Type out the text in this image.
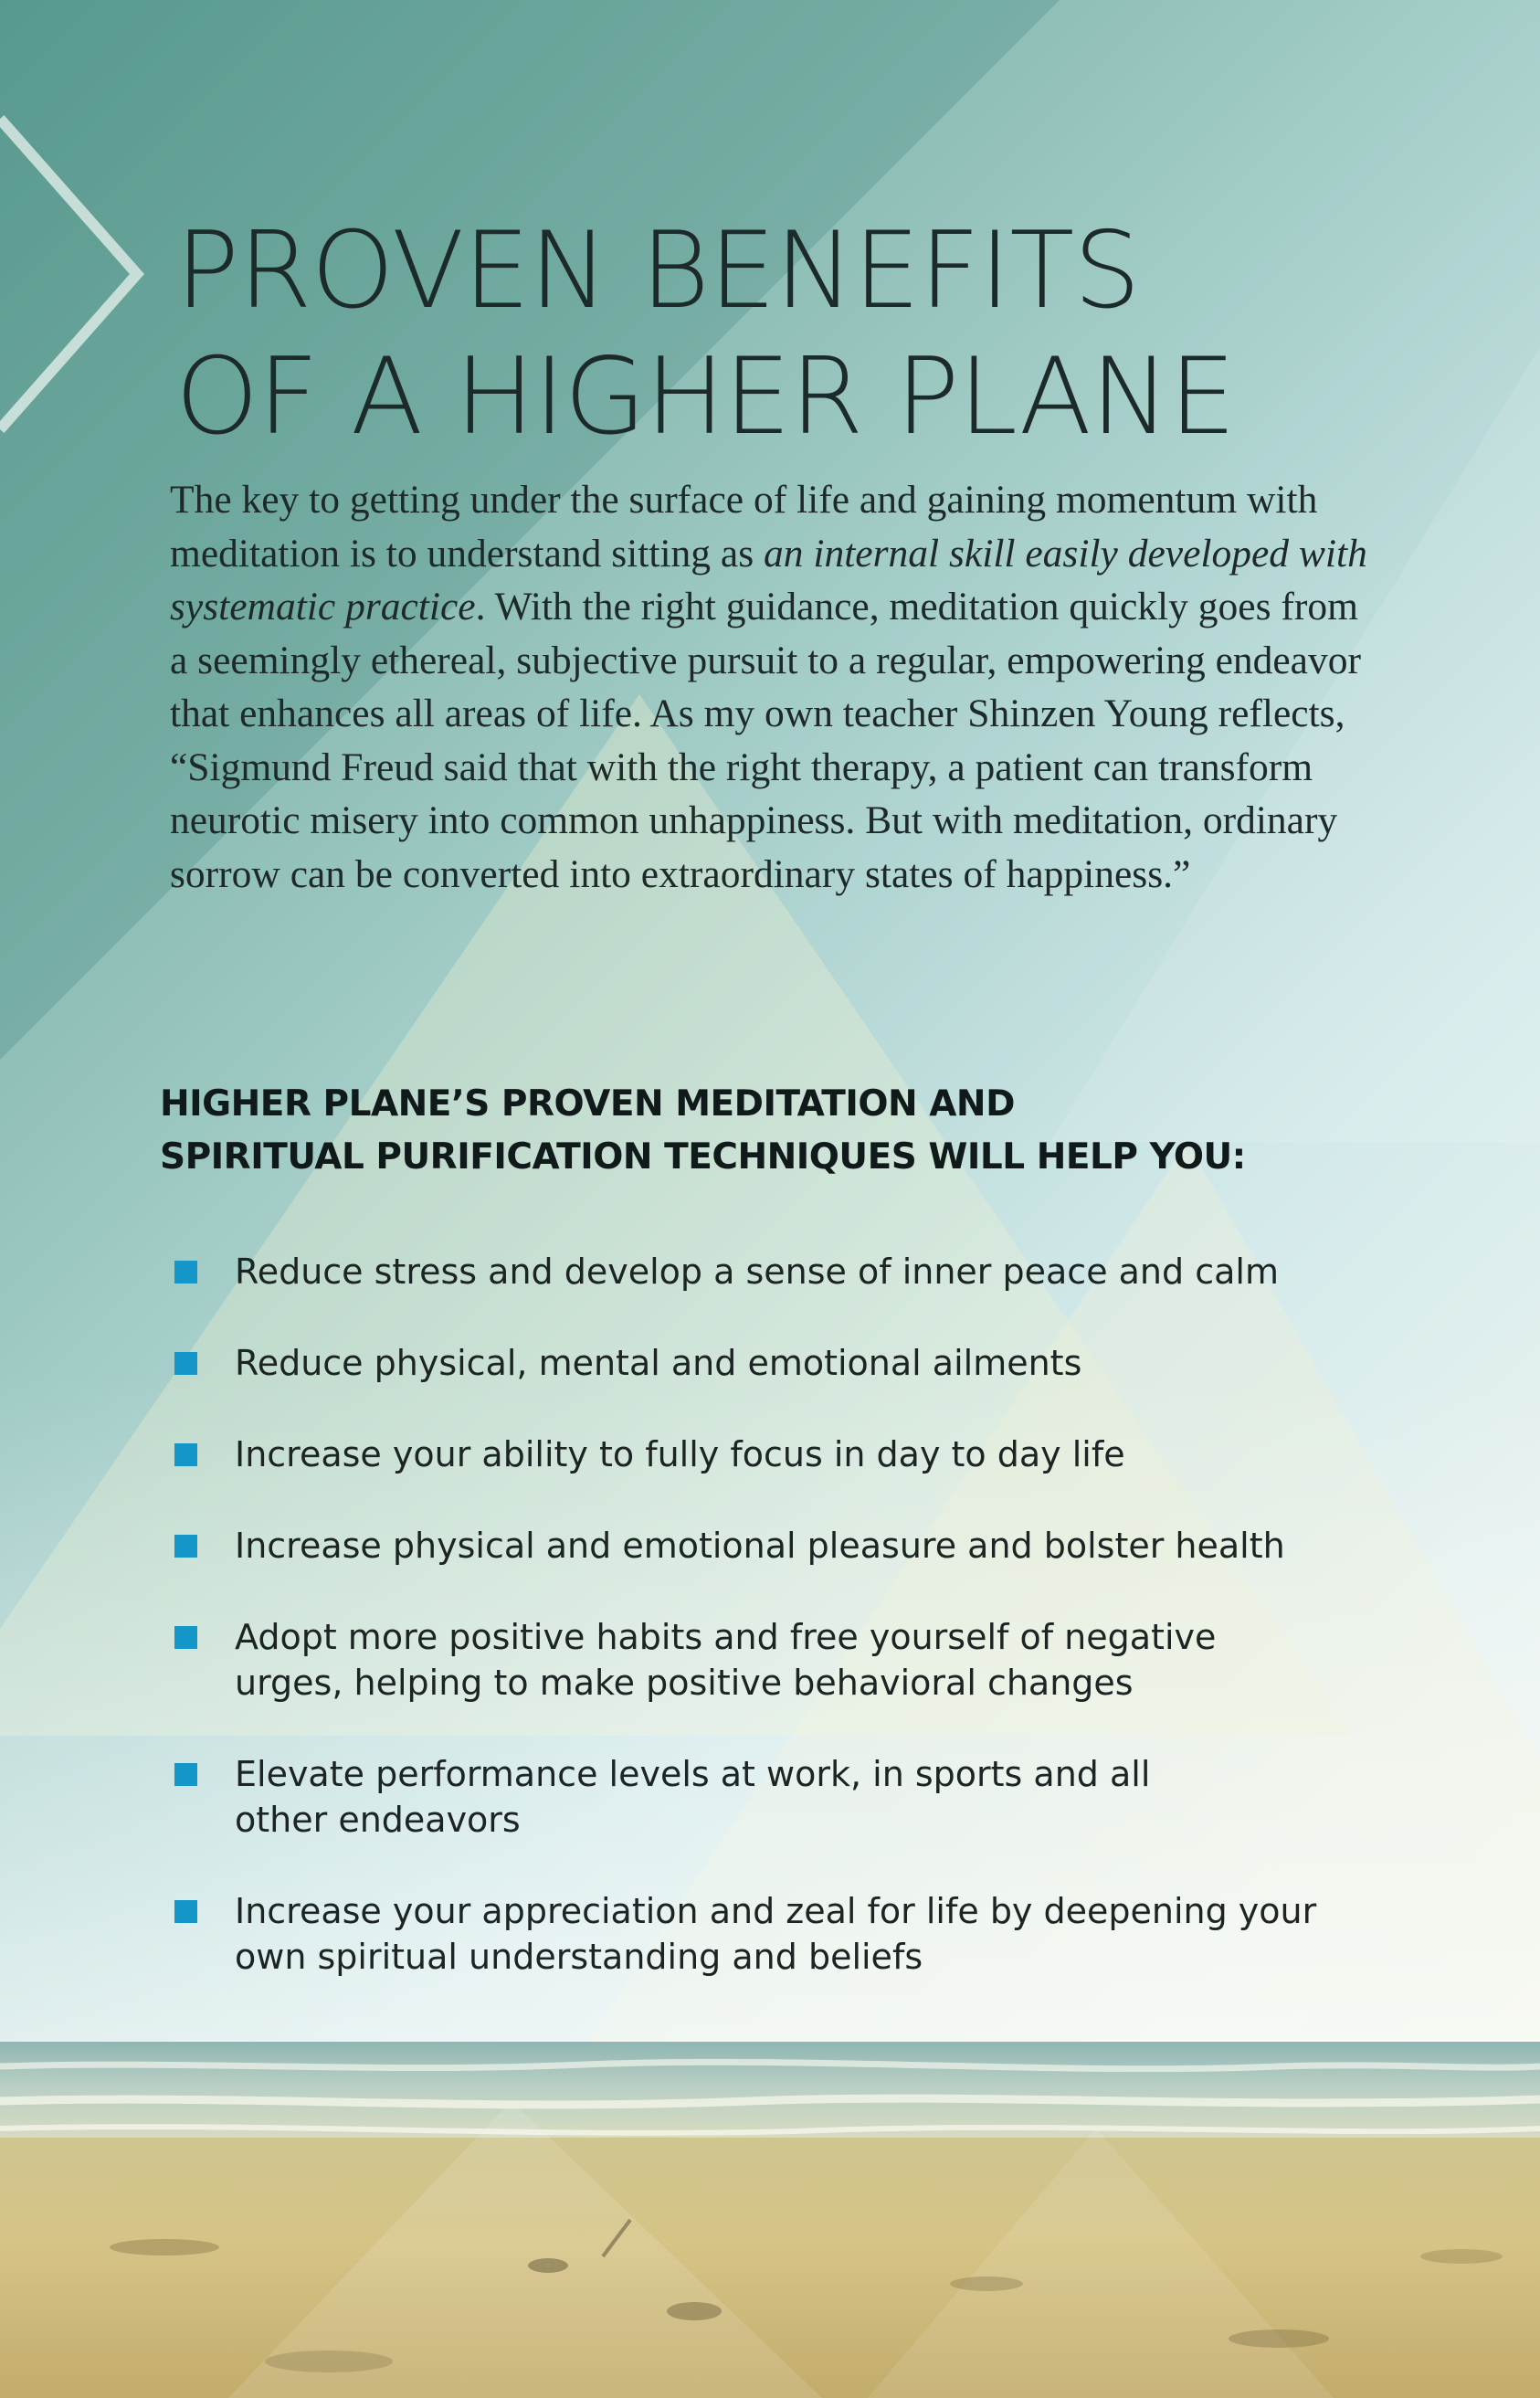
PROVEN BENEFITS
OF A HIGHER PLANE

The key to getting under the surface of life and gaining momentum with meditation is to understand sitting as an internal skill easily developed with systematic practice. With the right guidance, meditation quickly goes from a seemingly ethereal, subjective pursuit to a regular, empowering endeavor that enhances all areas of life. As my own teacher Shinzen Young reflects, “Sigmund Freud said that with the right therapy, a patient can transform neurotic misery into common unhappiness. But with meditation, ordinary sorrow can be converted into extraordinary states of happiness.”

HIGHER PLANE’S PROVEN MEDITATION AND
SPIRITUAL PURIFICATION TECHNIQUES WILL HELP YOU:
Reduce stress and develop a sense of inner peace and calm
Reduce physical, mental and emotional ailments
Increase your ability to fully focus in day to day life
Increase physical and emotional pleasure and bolster health
Adopt more positive habits and free yourself of negative
urges, helping to make positive behavioral changes
Elevate performance levels at work, in sports and all
other endeavors
Increase your appreciation and zeal for life by deepening your
own spiritual understanding and beliefs
